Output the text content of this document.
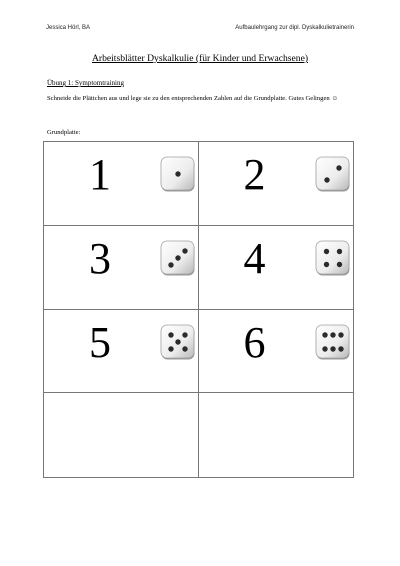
Jessica Hörl, BA	Aufbaulehrgang zur dipl. Dyskalkulietrainerin
Arbeitsblätter Dyskalkulie (für Kinder und Erwachsene)
Übung 1: Symptomtraining
Schneide die Plättchen aus und lege sie zu den entsprechenden Zahlen auf die Grundplatte. Gutes Gelingen ☺
Grundplatte:
1	2
3	4
5	6
